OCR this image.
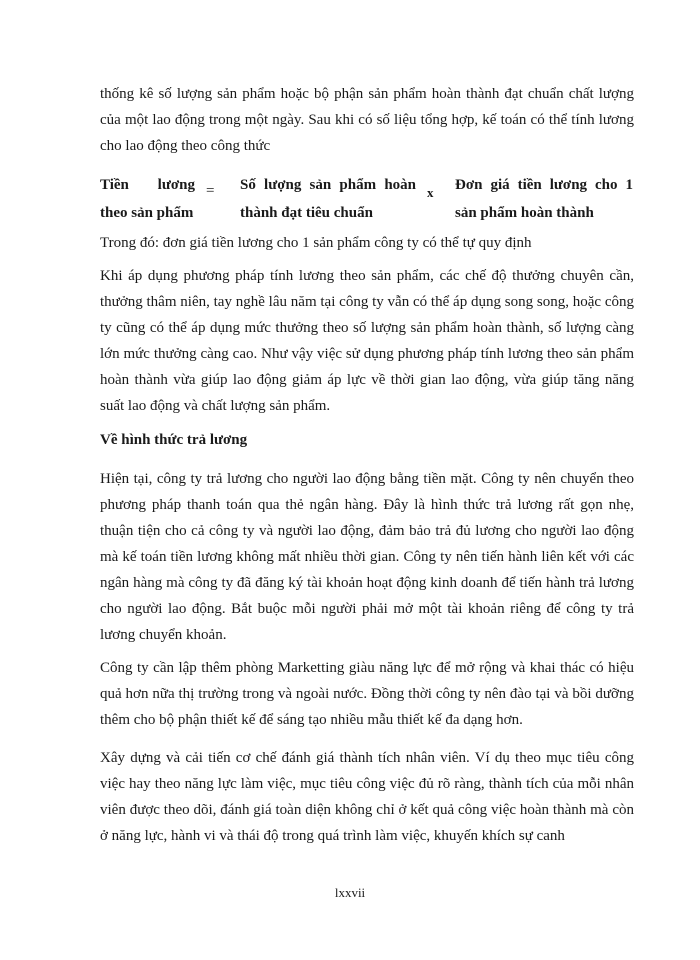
thống kê số lượng sản phẩm hoặc bộ phận sản phẩm hoàn thành đạt chuẩn chất lượng của một lao động trong một ngày. Sau khi có số liệu tổng hợp, kế toán có thể tính lương cho lao động theo công thức

Tiền lương
theo sản phẩm
= Số lượng sản phẩm hoàn
thành đạt tiêu chuẩn
x Đơn giá tiền lương cho 1
sản phẩm hoàn thành

Trong đó: đơn giá tiền lương cho 1 sản phẩm công ty có thể tự quy định

Khi áp dụng phương pháp tính lương theo sản phẩm, các chế độ thưởng chuyên cần, thưởng thâm niên, tay nghề lâu năm tại công ty vẫn có thể áp dụng song song, hoặc công ty cũng có thể áp dụng mức thưởng theo số lượng sản phẩm hoàn thành, số lượng càng lớn mức thưởng càng cao. Như vậy việc sử dụng phương pháp tính lương theo sản phẩm hoàn thành vừa giúp lao động giảm áp lực về thời gian lao động, vừa giúp tăng năng suất lao động và chất lượng sản phẩm.

Về hình thức trả lương

Hiện tại, công ty trả lương cho người lao động bằng tiền mặt. Công ty nên chuyển theo phương pháp thanh toán qua thẻ ngân hàng. Đây là hình thức trả lương rất gọn nhẹ, thuận tiện cho cả công ty và người lao động, đảm bảo trả đủ lương cho người lao động mà kế toán tiền lương không mất nhiều thời gian. Công ty nên tiến hành liên kết với các ngân hàng mà công ty đã đăng ký tài khoản hoạt động kinh doanh để tiến hành trả lương cho người lao động. Bắt buộc mỗi người phải mở một tài khoản riêng để công ty trả lương chuyển khoản.

Công ty cần lập thêm phòng Marketting giàu năng lực để mở rộng và khai thác có hiệu quả hơn nữa thị trường trong và ngoài nước. Đồng thời công ty nên đào tại và bồi dưỡng thêm cho bộ phận thiết kế để sáng tạo nhiều mẫu thiết kế đa dạng hơn.

Xây dựng và cải tiến cơ chế đánh giá thành tích nhân viên. Ví dụ theo mục tiêu công việc hay theo năng lực làm việc, mục tiêu công việc đủ rõ ràng, thành tích của mỗi nhân viên được theo dõi, đánh giá toàn diện không chỉ ở kết quả công việc hoàn thành mà còn ở năng lực, hành vi và thái độ trong quá trình làm việc, khuyến khích sự canh

lxxvii
